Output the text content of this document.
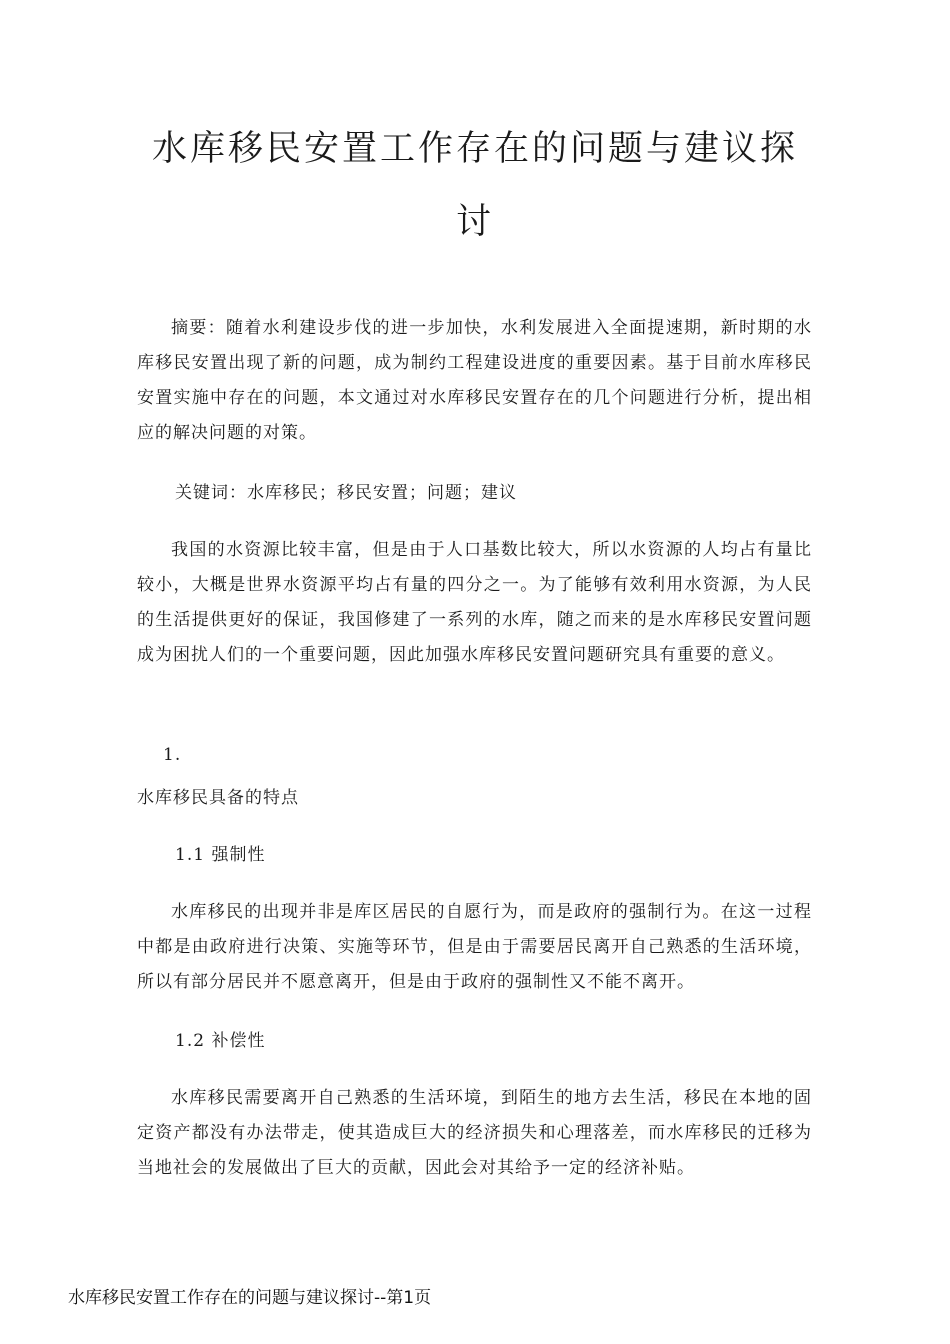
水库移民安置工作存在的问题与建议探
讨

摘要：随着水利建设步伐的进一步加快，水利发展进入全面提速期，新时期的水库移民安置出现了新的问题，成为制约工程建设进度的重要因素。基于目前水库移民安置实施中存在的问题，本文通过对水库移民安置存在的几个问题进行分析，提出相应的解决问题的对策。

关键词：水库移民；移民安置；问题；建议

我国的水资源比较丰富，但是由于人口基数比较大，所以水资源的人均占有量比较小，大概是世界水资源平均占有量的四分之一。为了能够有效利用水资源，为人民的生活提供更好的保证，我国修建了一系列的水库，随之而来的是水库移民安置问题成为困扰人们的一个重要问题，因此加强水库移民安置问题研究具有重要的意义。

1.

水库移民具备的特点

1.1 强制性

水库移民的出现并非是库区居民的自愿行为，而是政府的强制行为。在这一过程中都是由政府进行决策、实施等环节，但是由于需要居民离开自己熟悉的生活环境，所以有部分居民并不愿意离开，但是由于政府的强制性又不能不离开。

1.2 补偿性

水库移民需要离开自己熟悉的生活环境，到陌生的地方去生活，移民在本地的固定资产都没有办法带走，使其造成巨大的经济损失和心理落差，而水库移民的迁移为当地社会的发展做出了巨大的贡献，因此会对其给予一定的经济补贴。

水库移民安置工作存在的问题与建议探讨--第1页
